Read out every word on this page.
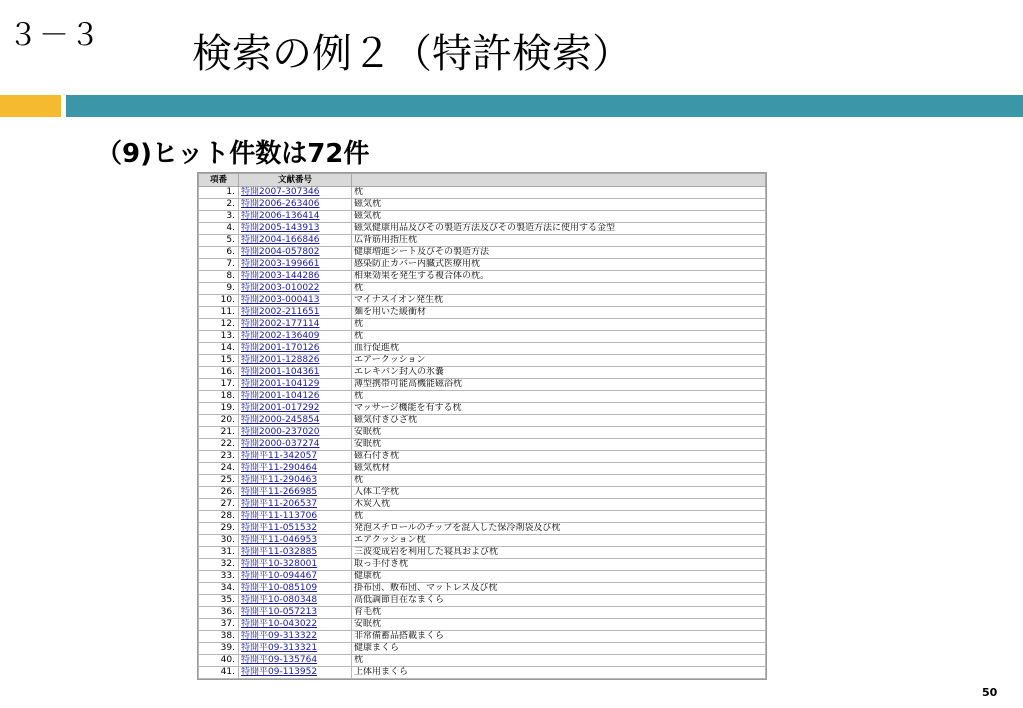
３－３ 検索の例２（特許検索）
（9)ヒット件数は72件
項番	文献番号	
1.	特開2007-307346	枕
2.	特開2006-263406	磁気枕
3.	特開2006-136414	磁気枕
4.	特開2005-143913	磁気健康用品及びその製造方法及びその製造方法に使用する金型
5.	特開2004-166846	広背筋用指圧枕
6.	特開2004-057802	健康増進シート及びその製造方法
7.	特開2003-199661	感染防止カバー内臓式医療用枕
8.	特開2003-144286	相乗効果を発生する複合体の枕。
9.	特開2003-010022	枕
10.	特開2003-000413	マイナスイオン発生枕
11.	特開2002-211651	麺を用いた緩衝材
12.	特開2002-177114	枕
13.	特開2002-136409	枕
14.	特開2001-170126	血行促進枕
15.	特開2001-128826	エアークッション
16.	特開2001-104361	エレキバン封入の氷嚢
17.	特開2001-104129	薄型携帯可能高機能磁浴枕
18.	特開2001-104126	枕
19.	特開2001-017292	マッサージ機能を有する枕
20.	特開2000-245854	磁気付きひざ枕
21.	特開2000-237020	安眠枕
22.	特開2000-037274	安眠枕
23.	特開平11-342057	磁石付き枕
24.	特開平11-290464	磁気枕材
25.	特開平11-290463	枕
26.	特開平11-266985	人体工学枕
27.	特開平11-206537	木炭入枕
28.	特開平11-113706	枕
29.	特開平11-051532	発泡スチロールのチップを混入した保冷剤袋及び枕
30.	特開平11-046953	エアクッション枕
31.	特開平11-032885	三波変成岩を利用した寝具および枕
32.	特開平10-328001	取っ手付き枕
33.	特開平10-094467	健康枕
34.	特開平10-085109	掛布団、敷布団、マットレス及び枕
35.	特開平10-080348	高低調節自在なまくら
36.	特開平10-057213	育毛枕
37.	特開平10-043022	安眠枕
38.	特開平09-313322	非常備蓄品搭載まくら
39.	特開平09-313321	健康まくら
40.	特開平09-135764	枕
41.	特開平09-113952	上体用まくら
50
